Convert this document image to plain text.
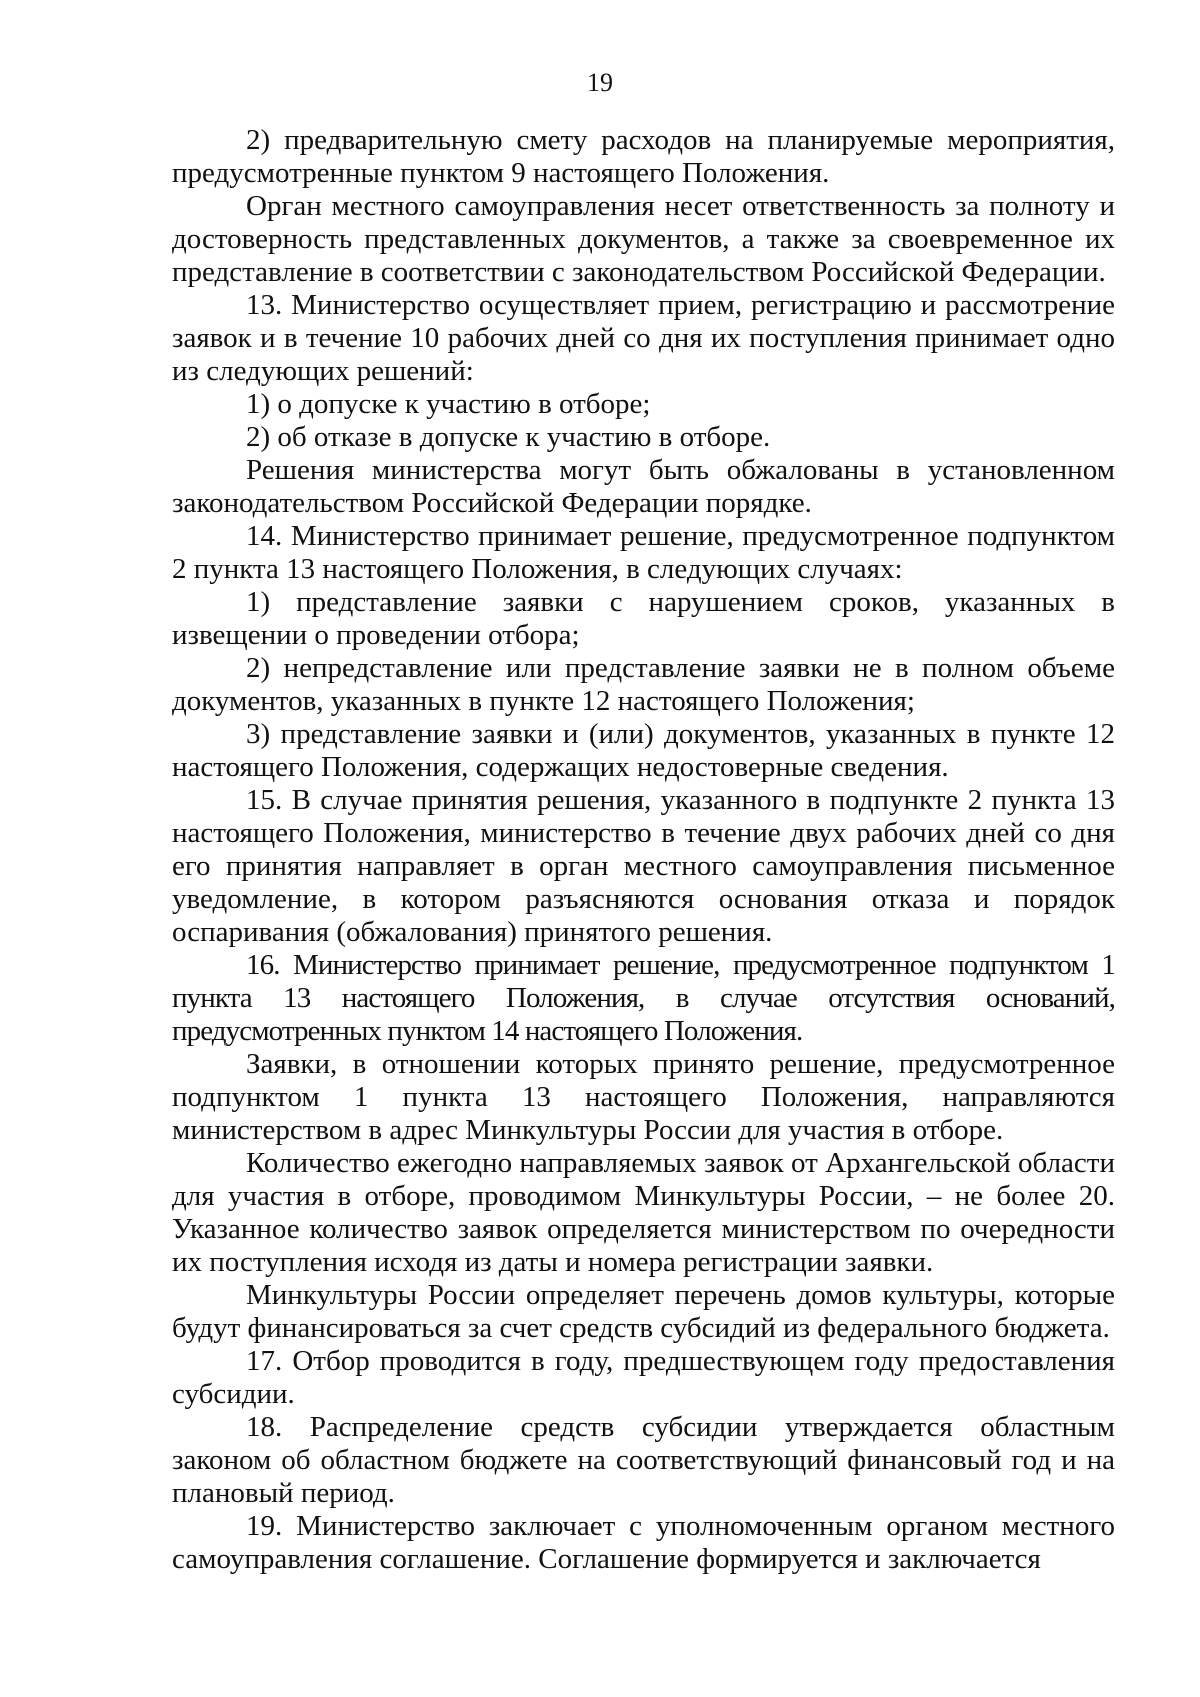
19

2) предварительную смету расходов на планируемые мероприятия, предусмотренные пунктом 9 настоящего Положения.

Орган местного самоуправления несет ответственность за полноту и достоверность представленных документов, а также за своевременное их представление в соответствии с законодательством Российской Федерации.

13. Министерство осуществляет прием, регистрацию и рассмотрение заявок и в течение 10 рабочих дней со дня их поступления принимает одно из следующих решений:

1) о допуске к участию в отборе;

2) об отказе в допуске к участию в отборе.

Решения министерства могут быть обжалованы в установленном законодательством Российской Федерации порядке.

14. Министерство принимает решение, предусмотренное подпунктом 2 пункта 13 настоящего Положения, в следующих случаях:

1) представление заявки с нарушением сроков, указанных в извещении о проведении отбора;

2) непредставление или представление заявки не в полном объеме документов, указанных в пункте 12 настоящего Положения;

3) представление заявки и (или) документов, указанных в пункте 12 настоящего Положения, содержащих недостоверные сведения.

15. В случае принятия решения, указанного в подпункте 2 пункта 13 настоящего Положения, министерство в течение двух рабочих дней со дня его принятия направляет в орган местного самоуправления письменное уведомление, в котором разъясняются основания отказа и порядок оспаривания (обжалования) принятого решения.

16. Министерство принимает решение, предусмотренное подпунктом 1 пункта 13 настоящего Положения, в случае отсутствия оснований, предусмотренных пунктом 14 настоящего Положения.

Заявки, в отношении которых принято решение, предусмотренное подпунктом 1 пункта 13 настоящего Положения, направляются министерством в адрес Минкультуры России для участия в отборе.

Количество ежегодно направляемых заявок от Архангельской области для участия в отборе, проводимом Минкультуры России, – не более 20. Указанное количество заявок определяется министерством по очередности их поступления исходя из даты и номера регистрации заявки.

Минкультуры России определяет перечень домов культуры, которые будут финансироваться за счет средств субсидий из федерального бюджета.

17. Отбор проводится в году, предшествующем году предоставления субсидии.

18. Распределение средств субсидии утверждается областным законом об областном бюджете на соответствующий финансовый год и на плановый период.

19. Министерство заключает с уполномоченным органом местного самоуправления соглашение. Соглашение формируется и заключается
